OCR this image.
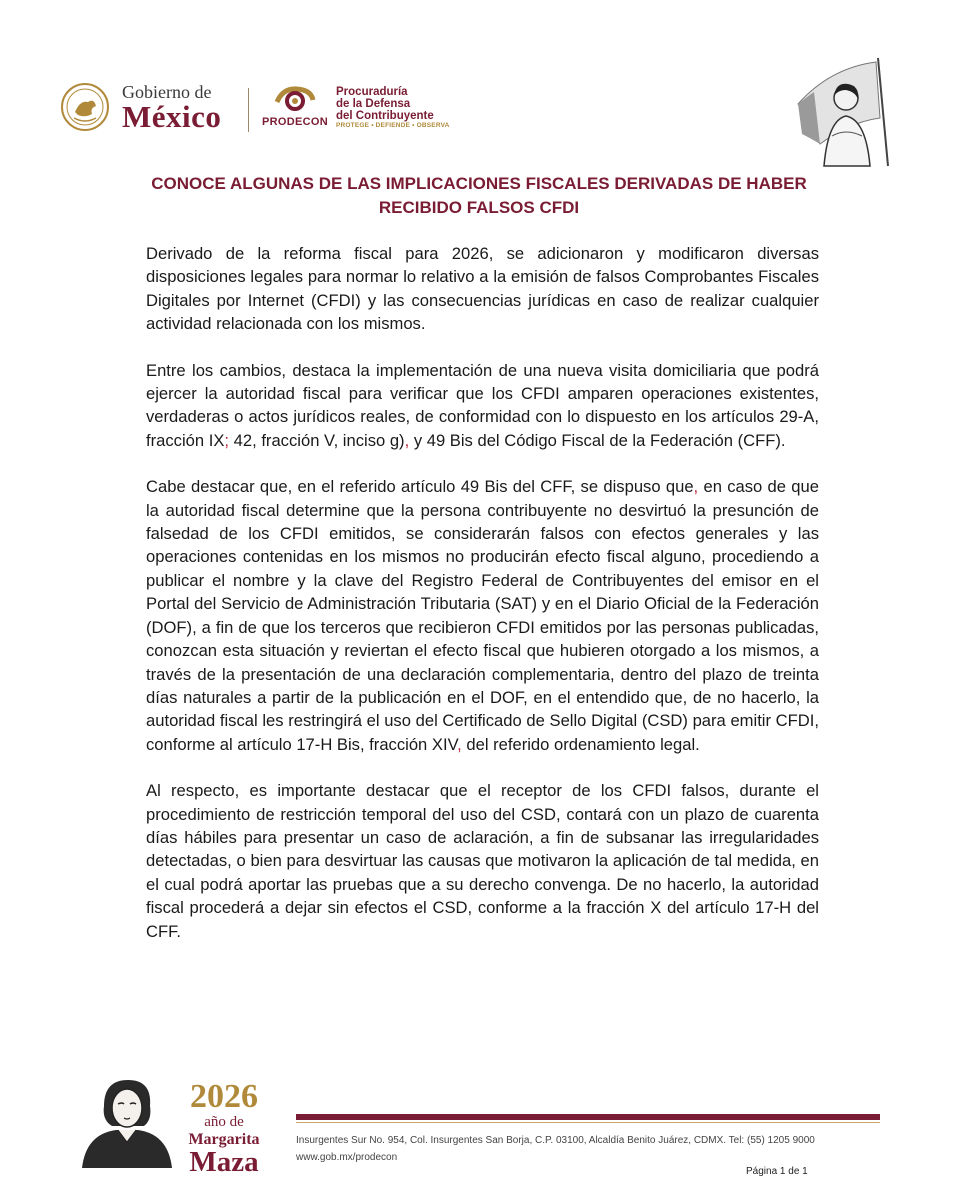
Gobierno de
México	PRODECON
Procuraduría
de la Defensa
del Contribuyente
PROTEGE • DEFIENDE • OBSERVA
CONOCE ALGUNAS DE LAS IMPLICACIONES FISCALES DERIVADAS DE HABER
RECIBIDO FALSOS CFDI

Derivado de la reforma fiscal para 2026, se adicionaron y modificaron diversas disposiciones legales para normar lo relativo a la emisión de falsos Comprobantes Fiscales Digitales por Internet (CFDI) y las consecuencias jurídicas en caso de realizar cualquier actividad relacionada con los mismos.

Entre los cambios, destaca la implementación de una nueva visita domiciliaria que podrá ejercer la autoridad fiscal para verificar que los CFDI amparen operaciones existentes, verdaderas o actos jurídicos reales, de conformidad con lo dispuesto en los artículos 29-A, fracción IX; 42, fracción V, inciso g), y 49 Bis del Código Fiscal de la Federación (CFF).

Cabe destacar que, en el referido artículo 49 Bis del CFF, se dispuso que, en caso de que la autoridad fiscal determine que la persona contribuyente no desvirtuó la presunción de falsedad de los CFDI emitidos, se considerarán falsos con efectos generales y las operaciones contenidas en los mismos no producirán efecto fiscal alguno, procediendo a publicar el nombre y la clave del Registro Federal de Contribuyentes del emisor en el Portal del Servicio de Administración Tributaria (SAT) y en el Diario Oficial de la Federación (DOF), a fin de que los terceros que recibieron CFDI emitidos por las personas publicadas, conozcan esta situación y reviertan el efecto fiscal que hubieren otorgado a los mismos, a través de la presentación de una declaración complementaria, dentro del plazo de treinta días naturales a partir de la publicación en el DOF, en el entendido que, de no hacerlo, la autoridad fiscal les restringirá el uso del Certificado de Sello Digital (CSD) para emitir CFDI, conforme al artículo 17-H Bis, fracción XIV, del referido ordenamiento legal.

Al respecto, es importante destacar que el receptor de los CFDI falsos, durante el procedimiento de restricción temporal del uso del CSD, contará con un plazo de cuarenta días hábiles para presentar un caso de aclaración, a fin de subsanar las irregularidades detectadas, o bien para desvirtuar las causas que motivaron la aplicación de tal medida, en el cual podrá aportar las pruebas que a su derecho convenga. De no hacerlo, la autoridad fiscal procederá a dejar sin efectos el CSD, conforme a la fracción X del artículo 17-H del CFF.

2026
año de
Margarita
Maza
Insurgentes Sur No. 954, Col. Insurgentes San Borja, C.P. 03100, Alcaldía Benito Juárez, CDMX. Tel: (55) 1205 9000
www.gob.mx/prodecon
Página 1 de 1
